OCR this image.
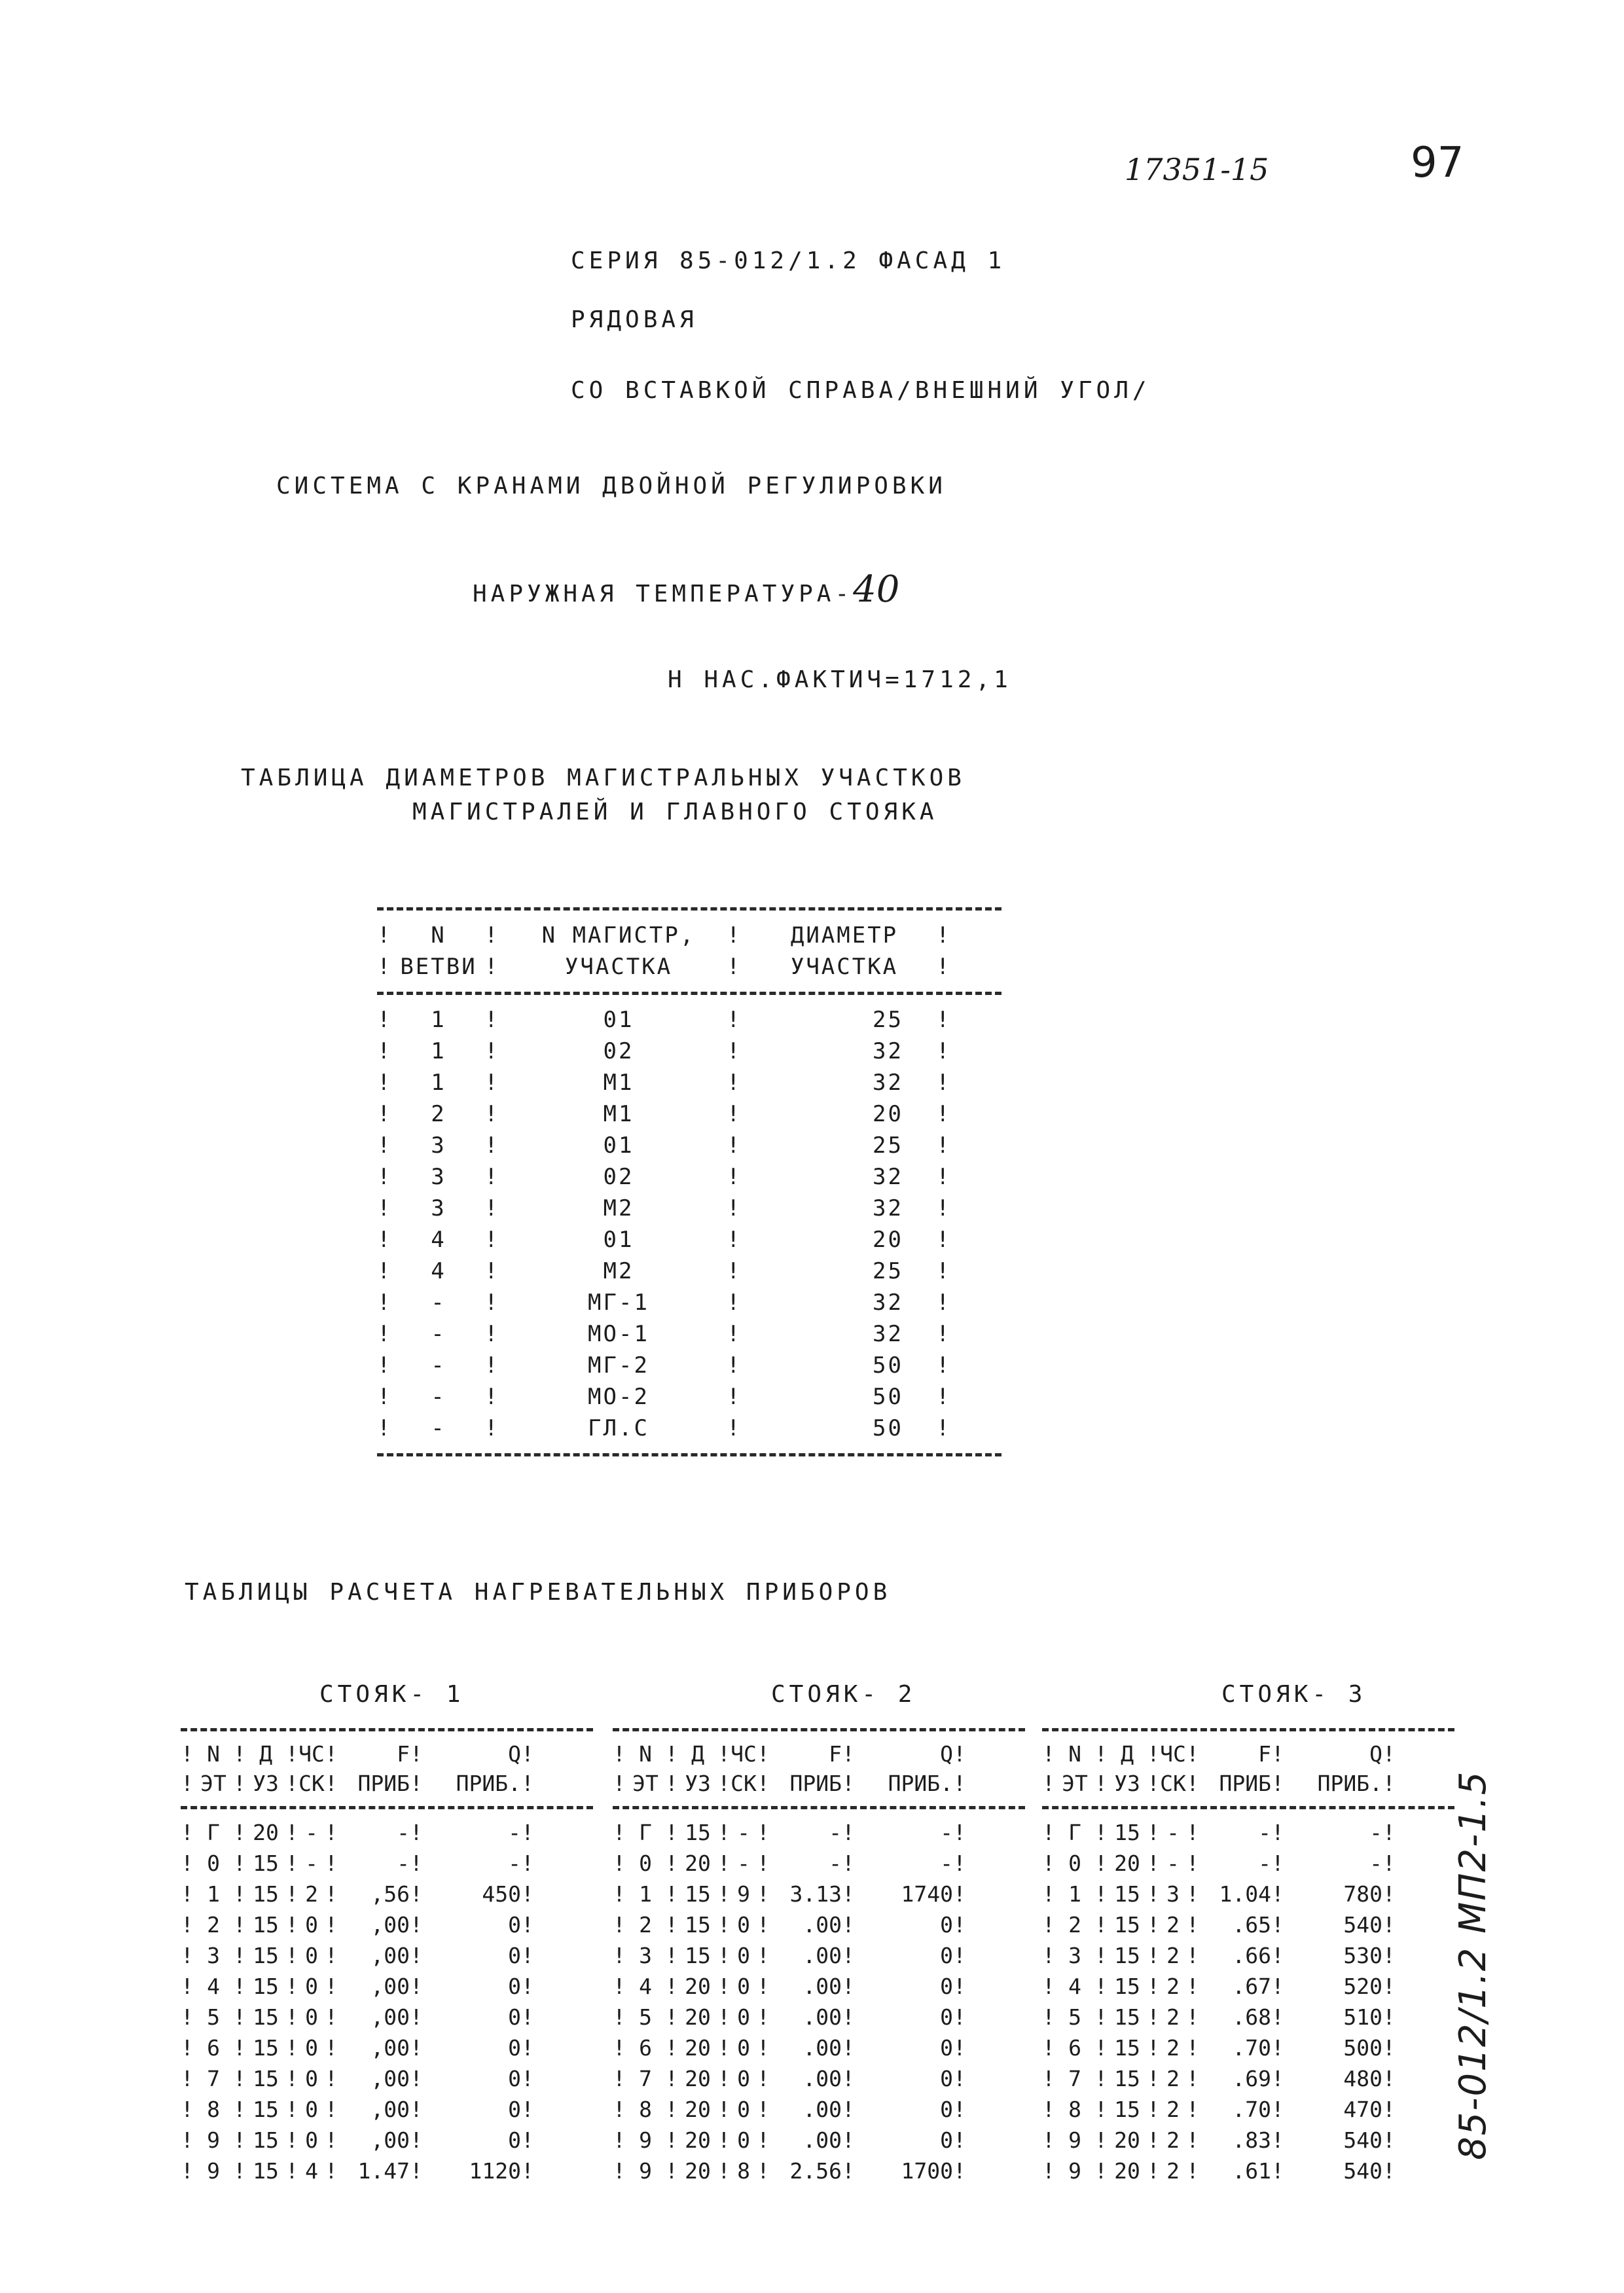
17351-15	97
СЕРИЯ 85-012/1.2 ФАСАД 1
РЯДОВАЯ
СО ВСТАВКОЙ СПРАВА/ВНЕШНИЙ УГОЛ/
СИСТЕМА С КРАНАМИ ДВОЙНОЙ РЕГУЛИРОВКИ
НАРУЖНАЯ ТЕМПЕРАТУРА-40
Н НАС.ФАКТИЧ=1712,1
ТАБЛИЦА ДИАМЕТРОВ МАГИСТРАЛЬНЫХ УЧАСТКОВ
МАГИСТРАЛЕЙ И ГЛАВНОГО СТОЯКА
!	N	!	N МАГИСТР,	!	ДИАМЕТР	!
! ВЕТВИ !	УЧАСТКА	!	УЧАСТКА	!
!	1	!	01	!	25	!
!	1	!	02	!	32	!
!	1	!	М1	!	32	!
!	2	!	М1	!	20	!
!	3	!	01	!	25	!
!	3	!	02	!	32	!
!	3	!	М2	!	32	!
!	4	!	01	!	20	!
!	4	!	М2	!	25	!
!	-	!	МГ-1	!	32	!
!	-	!	МО-1	!	32	!
!	-	!	МГ-2	!	50	!
!	-	!	МО-2	!	50	!
!	-	!	ГЛ.С	!	50	!
ТАБЛИЦЫ РАСЧЕТА НАГРЕВАТЕЛЬНЫХ ПРИБОРОВ
СТОЯК- 1	СТОЯК- 2	СТОЯК- 3
! N ! Д ! ЧС !	F !	Q !
! ЭТ ! УЗ ! СК ! ПРИБ !	ПРИБ. !
! Г ! 20 ! - !	- !	- !
! 0 ! 15 ! - !	- !	- !
! 1 ! 15 ! 2 !	,56 !	450 !
! 2 ! 15 ! 0 !	,00 !	0 !
! 3 ! 15 ! 0 !	,00 !	0 !
! 4 ! 15 ! 0 !	,00 !	0 !
! 5 ! 15 ! 0 !	,00 !	0 !
! 6 ! 15 ! 0 !	,00 !	0 !
! 7 ! 15 ! 0 !	,00 !	0 !
! 8 ! 15 ! 0 !	,00 !	0 !
! 9 ! 15 ! 0 !	,00 !	0 !
! 9 ! 15 ! 4 ! 1.47 !	1120 !
! N ! Д ! ЧС !	F !	Q !
! ЭТ ! УЗ ! СК ! ПРИБ !	ПРИБ. !
! Г ! 15 ! - !	- !	- !
! 0 ! 20 ! - !	- !	- !
! 1 ! 15 ! 9 ! 3.13 !	1740 !
! 2 ! 15 ! 0 !	.00 !	0 !
! 3 ! 15 ! 0 !	.00 !	0 !
! 4 ! 20 ! 0 !	.00 !	0 !
! 5 ! 20 ! 0 !	.00 !	0 !
! 6 ! 20 ! 0 !	.00 !	0 !
! 7 ! 20 ! 0 !	.00 !	0 !
! 8 ! 20 ! 0 !	.00 !	0 !
! 9 ! 20 ! 0 !	.00 !	0 !
! 9 ! 20 ! 8 ! 2.56 !	1700 !
! N ! Д ! ЧС !	F !	Q !
! ЭТ ! УЗ ! СК ! ПРИБ !	ПРИБ. !
! Г ! 15 ! - !	- !	- !
! 0 ! 20 ! - !	- !	- !
! 1 ! 15 ! 3 ! 1.04 !	780 !
! 2 ! 15 ! 2 !	.65 !	540 !
! 3 ! 15 ! 2 !	.66 !	530 !
! 4 ! 15 ! 2 !	.67 !	520 !
! 5 ! 15 ! 2 !	.68 !	510 !
! 6 ! 15 ! 2 !	.70 !	500 !
! 7 ! 15 ! 2 !	.69 !	480 !
! 8 ! 15 ! 2 !	.70 !	470 !
! 9 ! 20 ! 2 !	.83 !	540 !
! 9 ! 20 ! 2 !	.61 !	540 !
85-012/1.2 МП2-1.5
